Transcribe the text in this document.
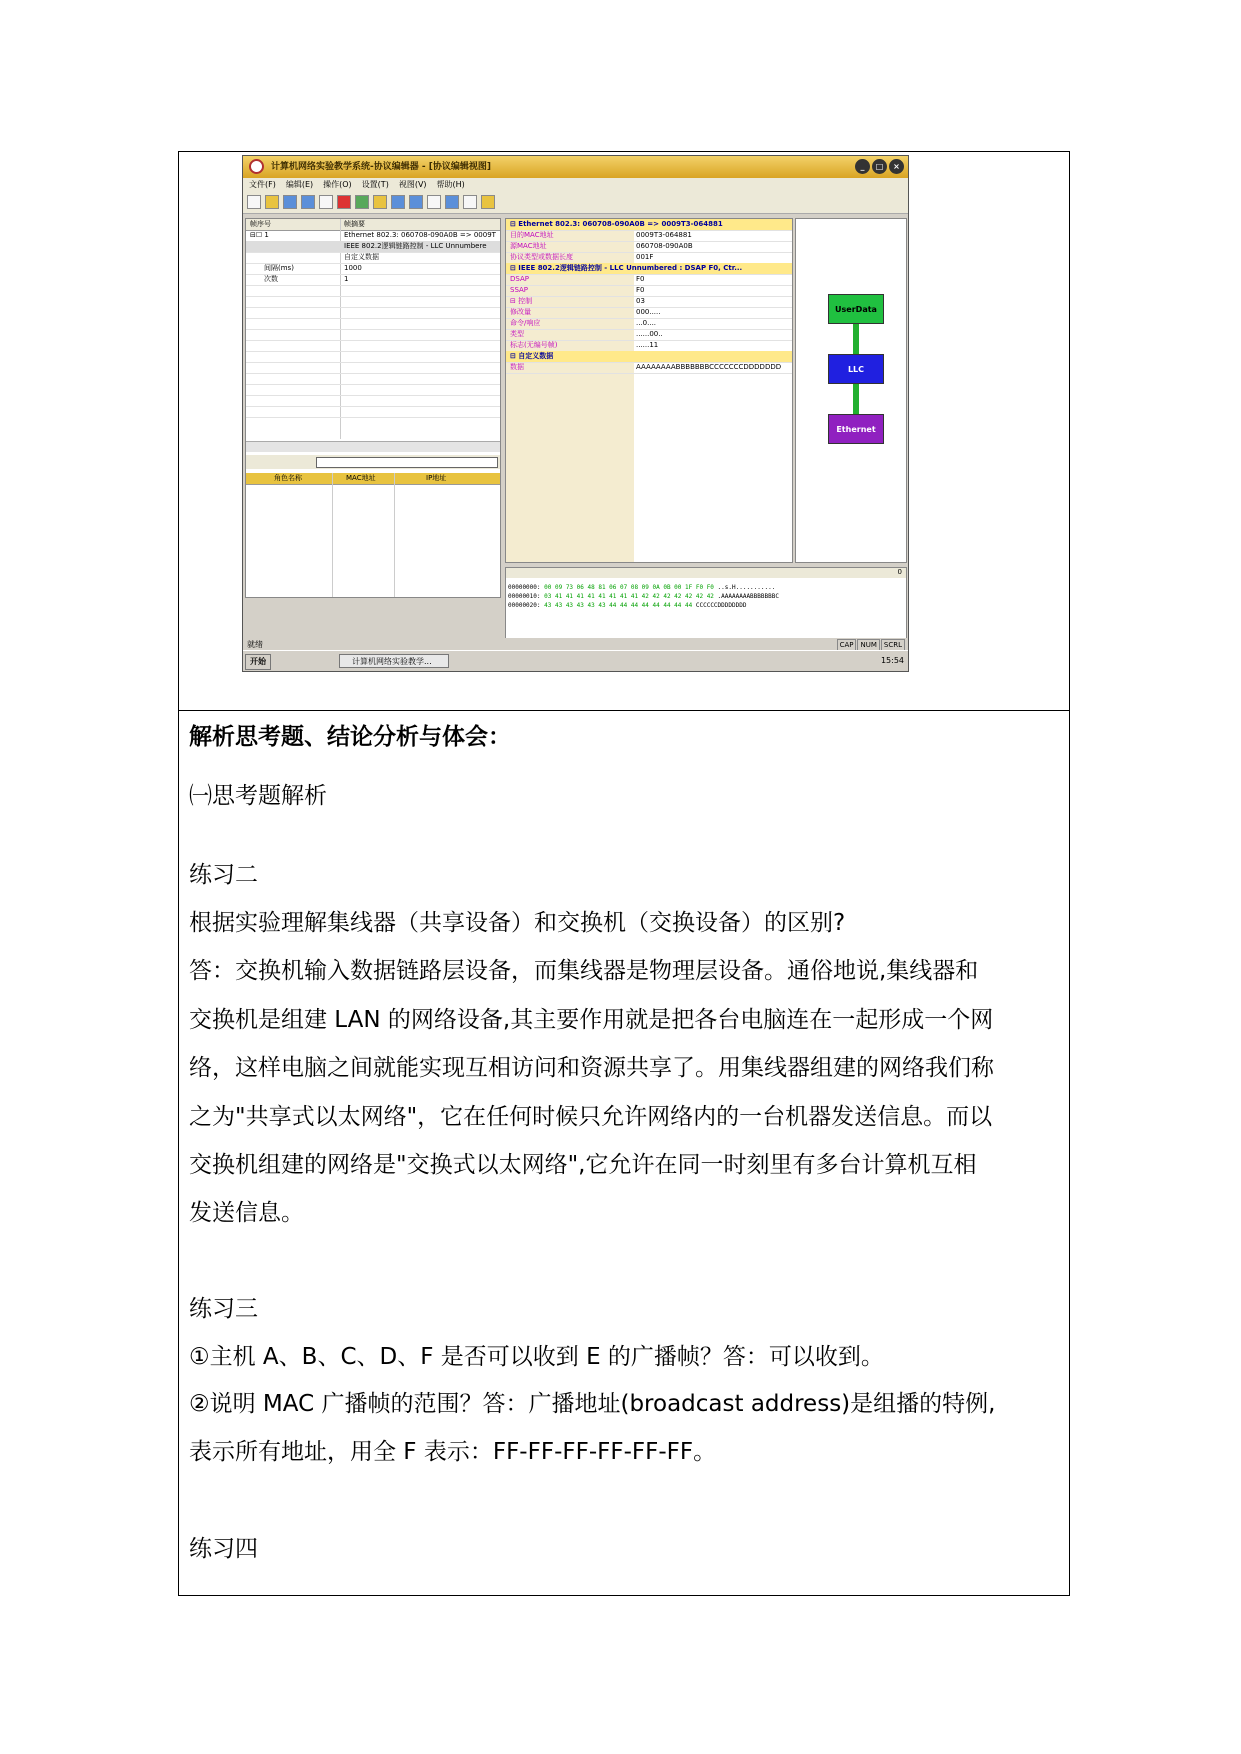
计算机网络实验教学系统-协议编辑器 - [协议编辑视图]	_	□	×
文件(F) 编辑(E) 操作(O) 设置(T) 视图(V) 帮助(H)
帧序号	帧摘要
⊟☐ 1	Ethernet 802.3: 060708-090A0B => 0009T
IEEE 802.2逻辑链路控制 - LLC Unnumbere
自定义数据
间隔(ms)	1000
次数	1
角色名称	MAC地址	IP地址
⊟ Ethernet 802.3: 060708-090A0B => 0009T3-064881
目的MAC地址	0009T3-064881
源MAC地址	060708-090A0B
协议类型或数据长度	001F
⊟ IEEE 802.2逻辑链路控制 - LLC Unnumbered : DSAP F0, Ctr...
DSAP	F0
SSAP	F0
⊟ 控制	03
修改量	000.....
命令/响应	...0....
类型	......00..
标志(无编号帧)	......11
⊟ 自定义数据
数据	AAAAAAAABBBBBBBCCCCCCCDDDDDDD
UserData
LLC
Ethernet
0
00000000: 00 09 73 06 48 81 06 07 08 09 0A 0B 00 1F F0 F0 ..s.H...........
00000010: 03 41 41 41 41 41 41 41 41 42 42 42 42 42 42 42 .AAAAAAAABBBBBBBC
00000020: 43 43 43 43 43 43 44 44 44 44 44 44 44 44 CCCCCCDDDDDDDD
就绪	CAP	NUM	SCRL
开始	计算机网络实验教学...	15:54
解析思考题、结论分析与体会：
㈠思考题解析
练习二
根据实验理解集线器（共享设备）和交换机（交换设备）的区别?
答：交换机输入数据链路层设备，而集线器是物理层设备。通俗地说,集线器和
交换机是组建 LAN 的网络设备,其主要作用就是把各台电脑连在一起形成一个网
络，这样电脑之间就能实现互相访问和资源共享了。用集线器组建的网络我们称
之为"共享式以太网络"，它在任何时候只允许网络内的一台机器发送信息。而以
交换机组建的网络是"交换式以太网络",它允许在同一时刻里有多台计算机互相
发送信息。
练习三
①主机 A、B、C、D、F 是否可以收到 E 的广播帧？答：可以收到。
②说明 MAC 广播帧的范围？答：广播地址(broadcast address)是组播的特例,
表示所有地址，用全 F 表示：FF-FF-FF-FF-FF-FF。
练习四
